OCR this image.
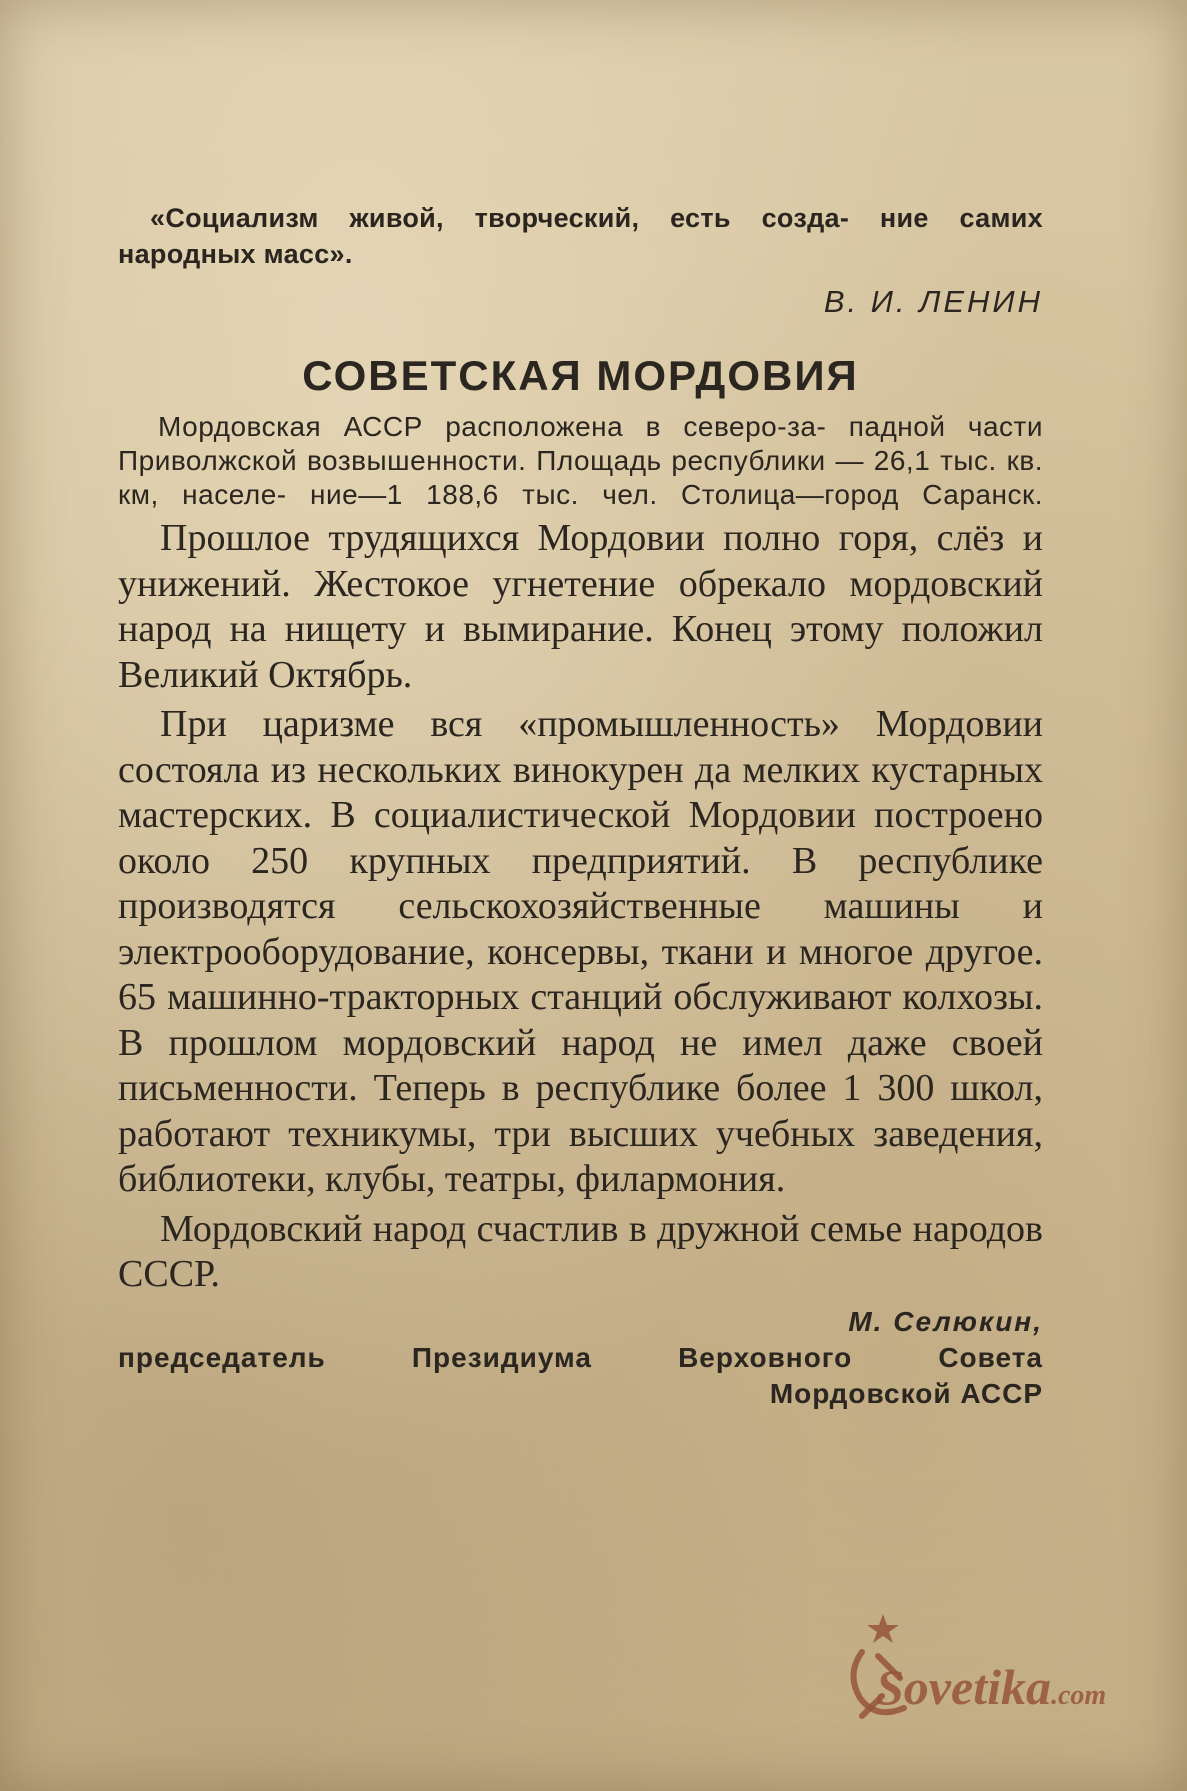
«Социализм живой, творческий, есть созда- ние самих народных масс».
В. И. ЛЕНИН
СОВЕТСКАЯ МОРДОВИЯ
Мордовская АССР расположена в северо-за- падной части Приволжской возвышенности. Площадь республики — 26,1 тыс. кв. км, населе- ние—1 188,6 тыс. чел. Столица—город Саранск.

Прошлое трудящихся Мордовии полно горя, слёз и унижений. Жестокое угнетение обрекало мордовский народ на нищету и вымирание. Конец этому положил Великий Октябрь.

При царизме вся «промышленность» Мордовии состояла из нескольких винокурен да мелких кустарных мастерских. В социалистической Мордовии построено около 250 крупных предприятий. В республике производятся сельскохозяйственные машины и электрооборудование, консервы, ткани и многое другое. 65 машинно-тракторных станций обслуживают колхозы. В прошлом мордовский народ не имел даже своей письменности. Теперь в республике более 1 300 школ, работают техникумы, три высших учебных заведения, библиотеки, клубы, театры, филармония.

Мордовский народ счастлив в дружной семье народов СССР.

М. Селюкин,
председатель Президиума Верховного Совета
Мордовской АССР
Sovetika.com
